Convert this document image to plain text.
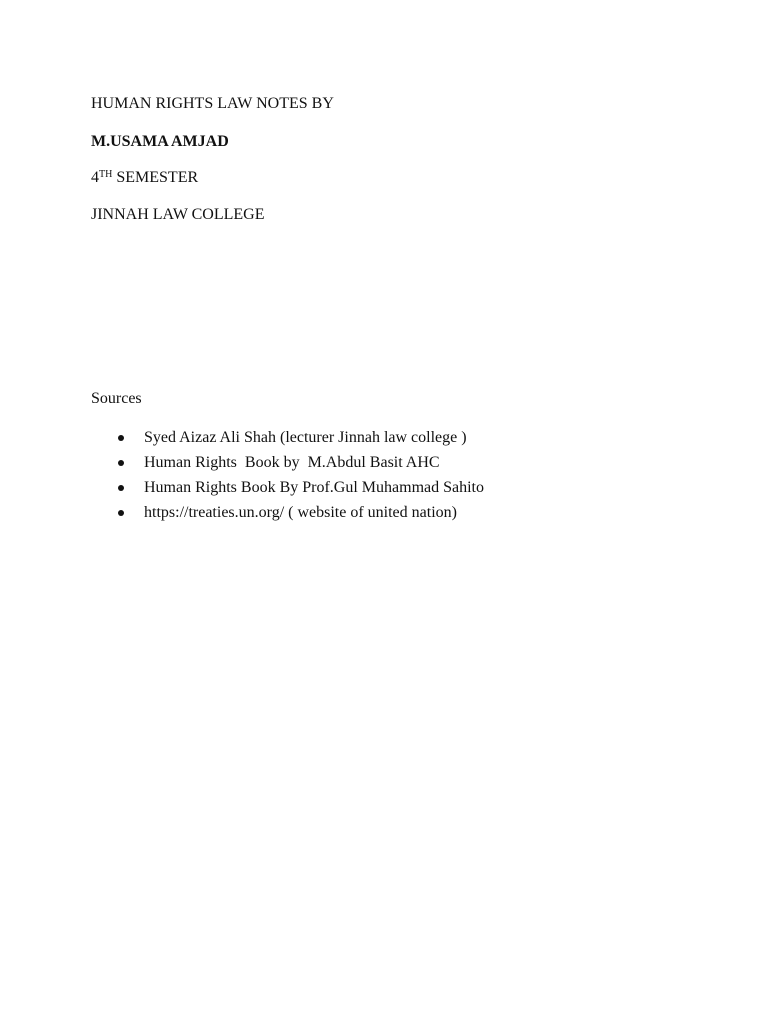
HUMAN RIGHTS LAW NOTES BY
M.USAMA AMJAD
4TH SEMESTER
JINNAH LAW COLLEGE
Sources
Syed Aizaz Ali Shah (lecturer Jinnah law college )
Human Rights  Book by  M.Abdul Basit AHC
Human Rights Book By Prof.Gul Muhammad Sahito
https://treaties.un.org/ ( website of united nation)
